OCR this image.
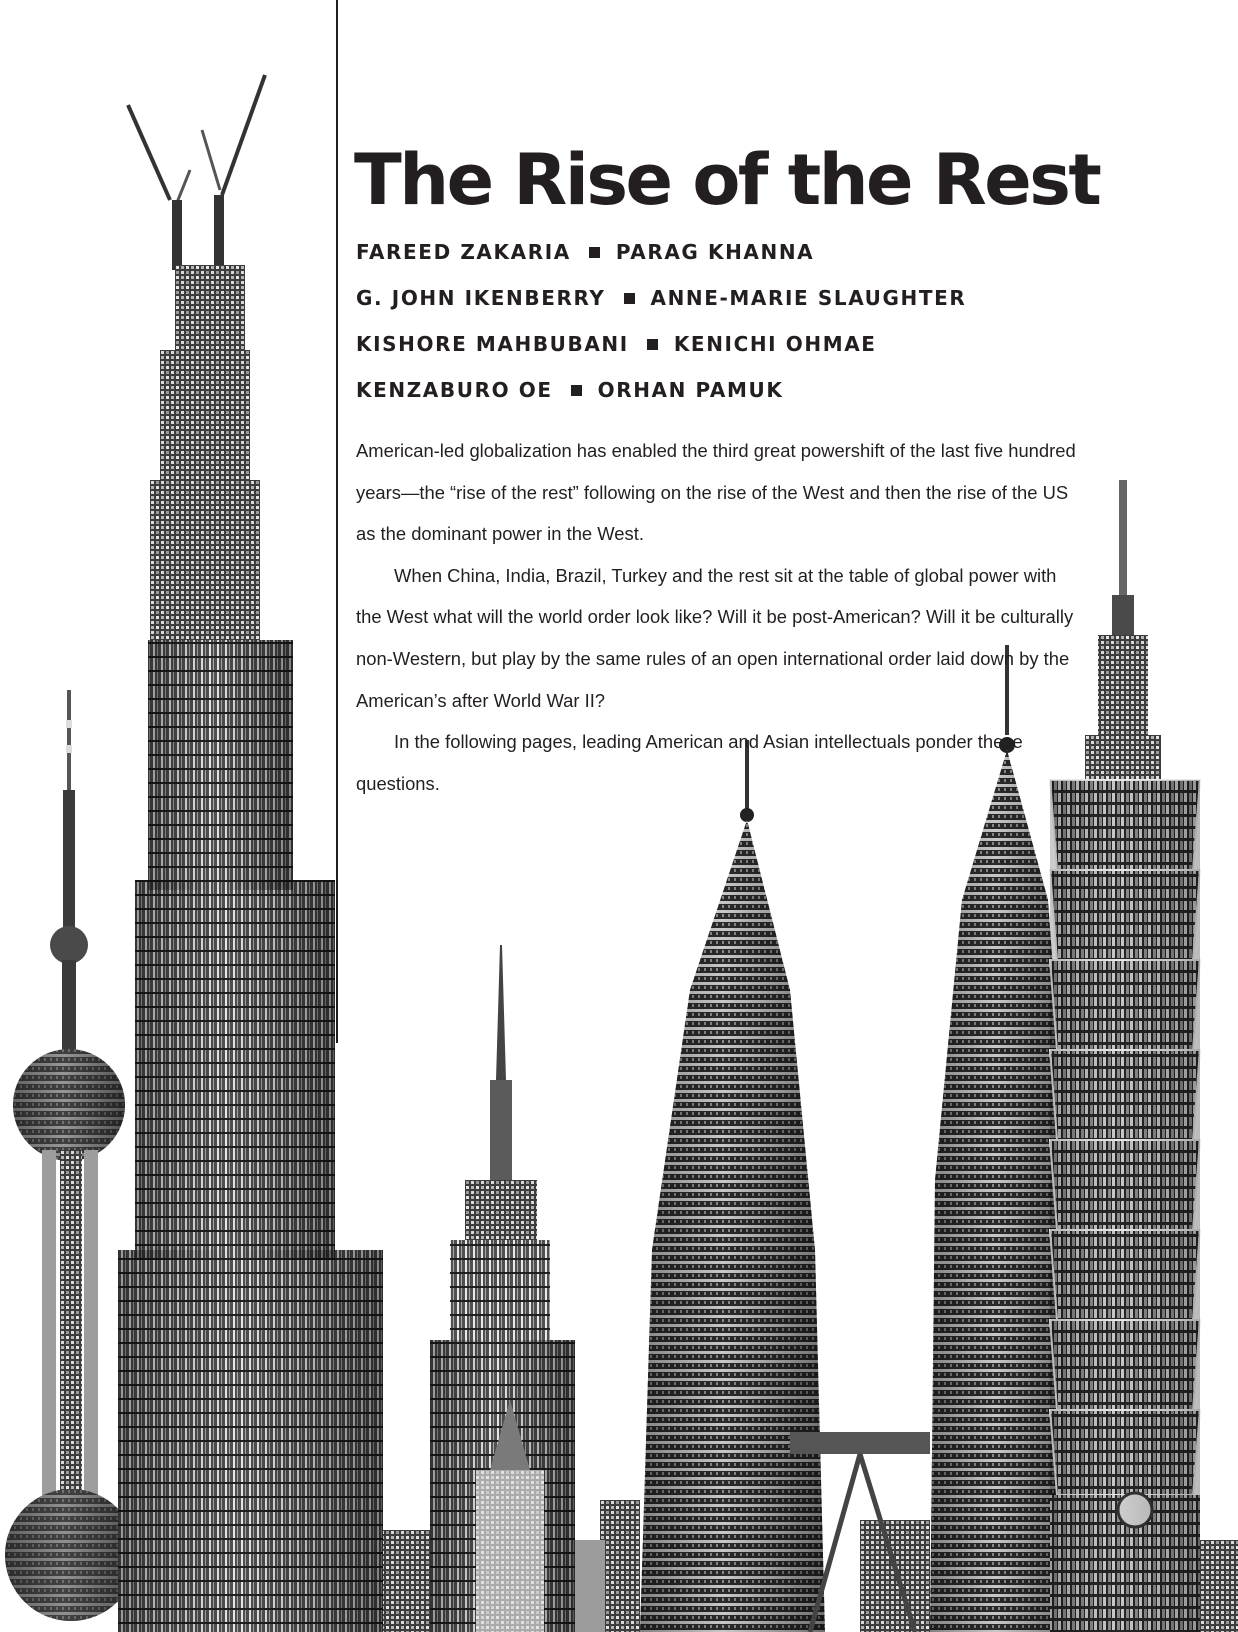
The Rise of the Rest
FAREED ZAKARIA PARAG KHANNA
G. JOHN IKENBERRY ANNE-MARIE SLAUGHTER
KISHORE MAHBUBANI KENICHI OHMAE
KENZABURO OE ORHAN PAMUK

American-led globalization has enabled the third great powershift of the last five hundred years—the “rise of the rest” following on the rise of the West and then the rise of the US as the dominant power in the West.

When China, India, Brazil, Turkey and the rest sit at the table of global power with the West what will the world order look like? Will it be post-American? Will it be culturally non-Western, but play by the same rules of an open international order laid down by the American’s after World War II?

In the following pages, leading American and Asian intellectuals ponder these questions.
